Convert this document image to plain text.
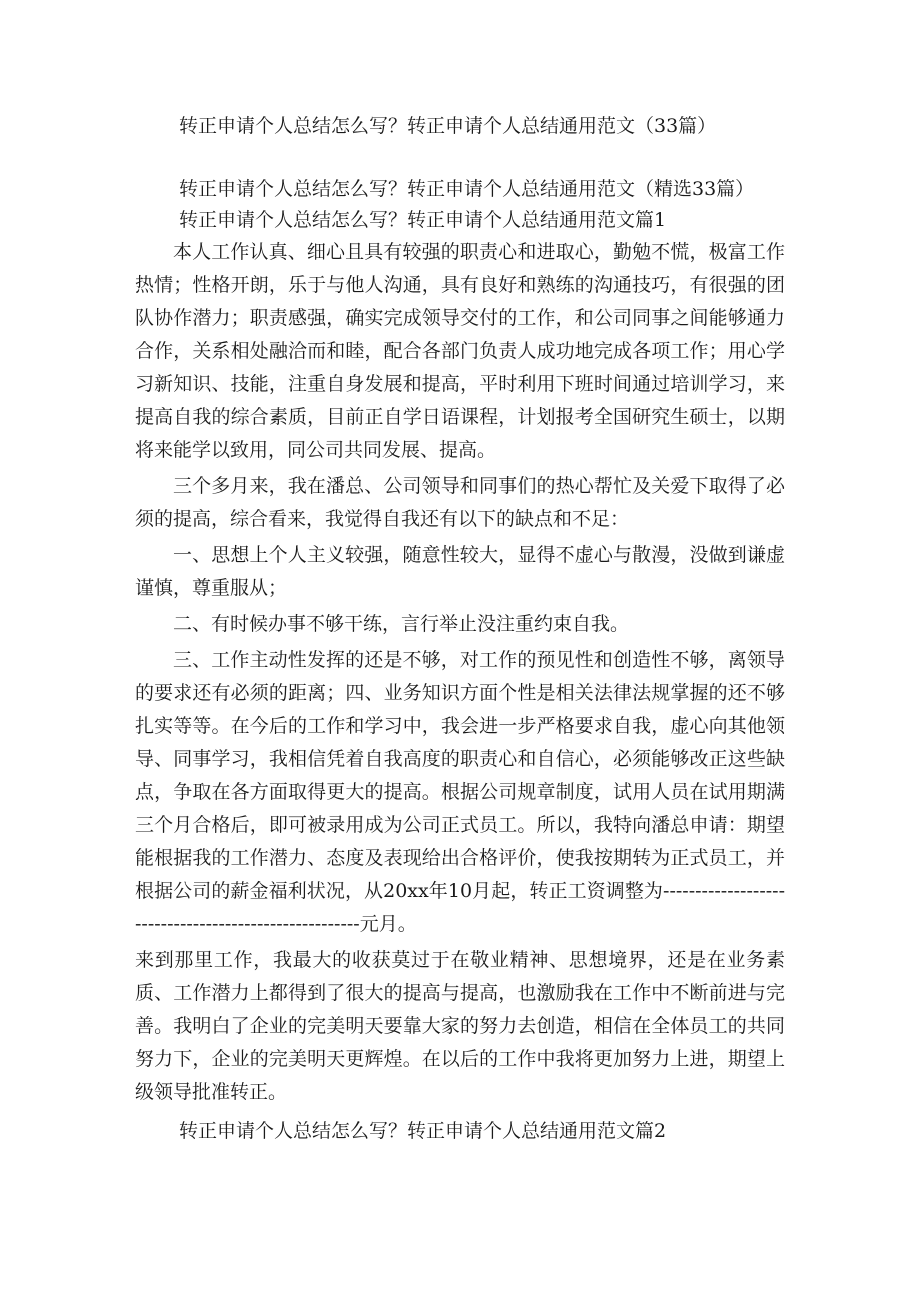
转正申请个人总结怎么写？转正申请个人总结通用范文（33篇）

转正申请个人总结怎么写？转正申请个人总结通用范文（精选33篇）

转正申请个人总结怎么写？转正申请个人总结通用范文篇1

本人工作认真、细心且具有较强的职责心和进取心，勤勉不慌，极富工作热情；性格开朗，乐于与他人沟通，具有良好和熟练的沟通技巧，有很强的团队协作潜力；职责感强，确实完成领导交付的工作，和公司同事之间能够通力合作，关系相处融洽而和睦，配合各部门负责人成功地完成各项工作；用心学习新知识、技能，注重自身发展和提高，平时利用下班时间通过培训学习，来提高自我的综合素质，目前正自学日语课程，计划报考全国研究生硕士，以期将来能学以致用，同公司共同发展、提高。

三个多月来，我在潘总、公司领导和同事们的热心帮忙及关爱下取得了必须的提高，综合看来，我觉得自我还有以下的缺点和不足：

一、思想上个人主义较强，随意性较大，显得不虚心与散漫，没做到谦虚谨慎，尊重服从；

二、有时候办事不够干练，言行举止没注重约束自我。

三、工作主动性发挥的还是不够，对工作的预见性和创造性不够，离领导的要求还有必须的距离；四、业务知识方面个性是相关法律法规掌握的还不够扎实等等。在今后的工作和学习中，我会进一步严格要求自我，虚心向其他领导、同事学习，我相信凭着自我高度的职责心和自信心，必须能够改正这些缺点，争取在各方面取得更大的提高。根据公司规章制度，试用人员在试用期满三个月合格后，即可被录用成为公司正式员工。所以，我特向潘总申请：期望能根据我的工作潜力、态度及表现给出合格评价，使我按期转为正式员工，并根据公司的薪金福利状况，从20xx年10月起，转正工资调整为------------------------------------------------------元月。

来到那里工作，我最大的收获莫过于在敬业精神、思想境界，还是在业务素质、工作潜力上都得到了很大的提高与提高，也激励我在工作中不断前进与完善。我明白了企业的完美明天要靠大家的努力去创造，相信在全体员工的共同努力下，企业的完美明天更辉煌。在以后的工作中我将更加努力上进，期望上级领导批准转正。

转正申请个人总结怎么写？转正申请个人总结通用范文篇2
